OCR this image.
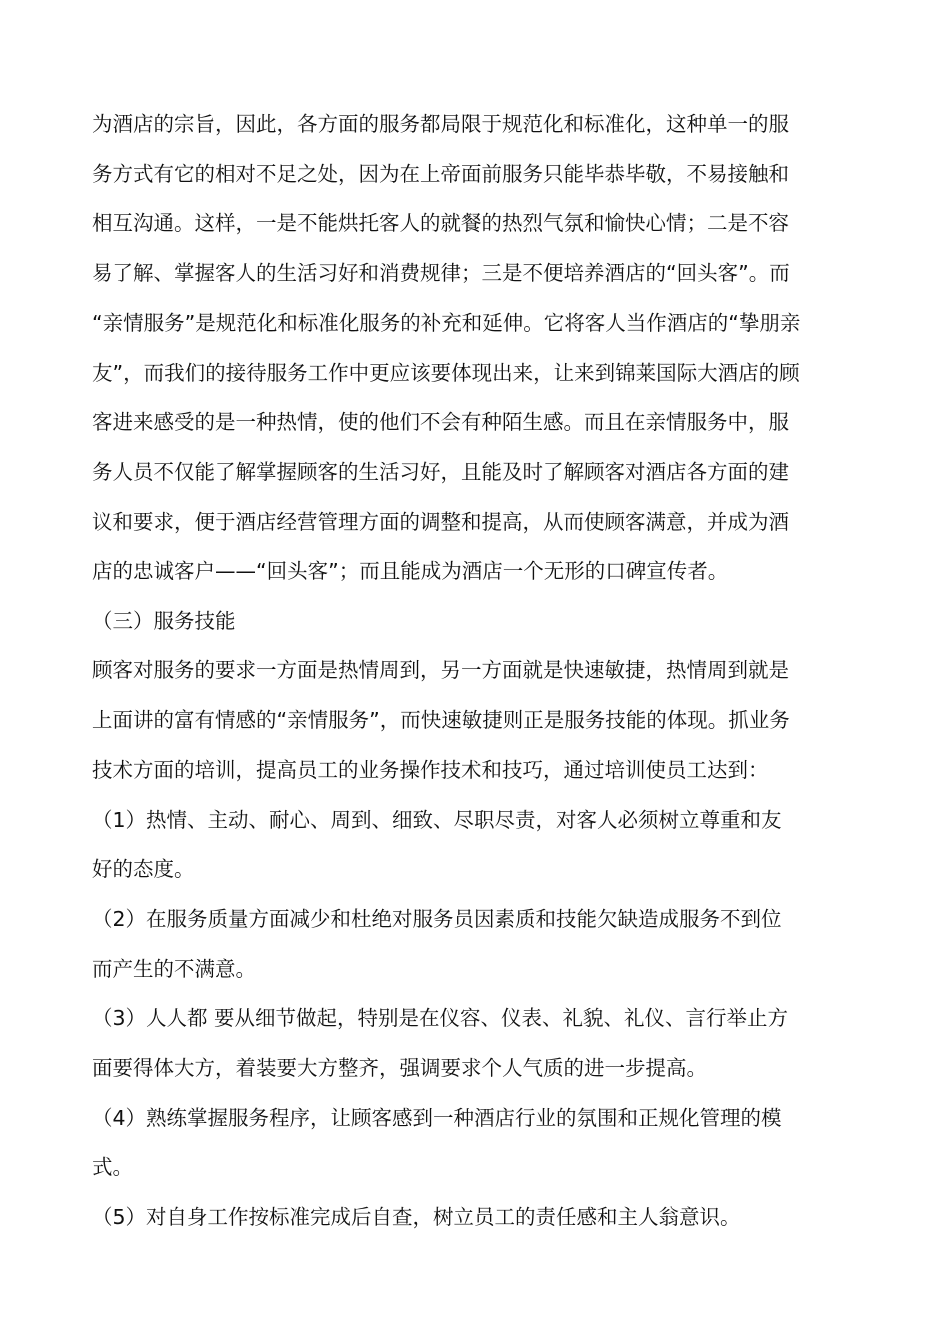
为酒店的宗旨，因此，各方面的服务都局限于规范化和标准化，这种单一的服
务方式有它的相对不足之处，因为在上帝面前服务只能毕恭毕敬，不易接触和
相互沟通。这样，一是不能烘托客人的就餐的热烈气氛和愉快心情；二是不容
易了解、掌握客人的生活习好和消费规律；三是不便培养酒店的“回头客”。而
“亲情服务”是规范化和标准化服务的补充和延伸。它将客人当作酒店的“挚朋亲
友”，而我们的接待服务工作中更应该要体现出来，让来到锦莱国际大酒店的顾
客进来感受的是一种热情，使的他们不会有种陌生感。而且在亲情服务中，服
务人员不仅能了解掌握顾客的生活习好，且能及时了解顾客对酒店各方面的建
议和要求，便于酒店经营管理方面的调整和提高，从而使顾客满意，并成为酒
店的忠诚客户——“回头客”；而且能成为酒店一个无形的口碑宣传者。
（三）服务技能
顾客对服务的要求一方面是热情周到，另一方面就是快速敏捷，热情周到就是
上面讲的富有情感的“亲情服务”，而快速敏捷则正是服务技能的体现。抓业务
技术方面的培训，提高员工的业务操作技术和技巧，通过培训使员工达到：
（1）热情、主动、耐心、周到、细致、尽职尽责，对客人必须树立尊重和友
好的态度。
（2）在服务质量方面减少和杜绝对服务员因素质和技能欠缺造成服务不到位
而产生的不满意。
（3）人人都 要从细节做起，特别是在仪容、仪表、礼貌、礼仪、言行举止方
面要得体大方，着装要大方整齐，强调要求个人气质的进一步提高。
（4）熟练掌握服务程序，让顾客感到一种酒店行业的氛围和正规化管理的模
式。
（5）对自身工作按标准完成后自查，树立员工的责任感和主人翁意识。
